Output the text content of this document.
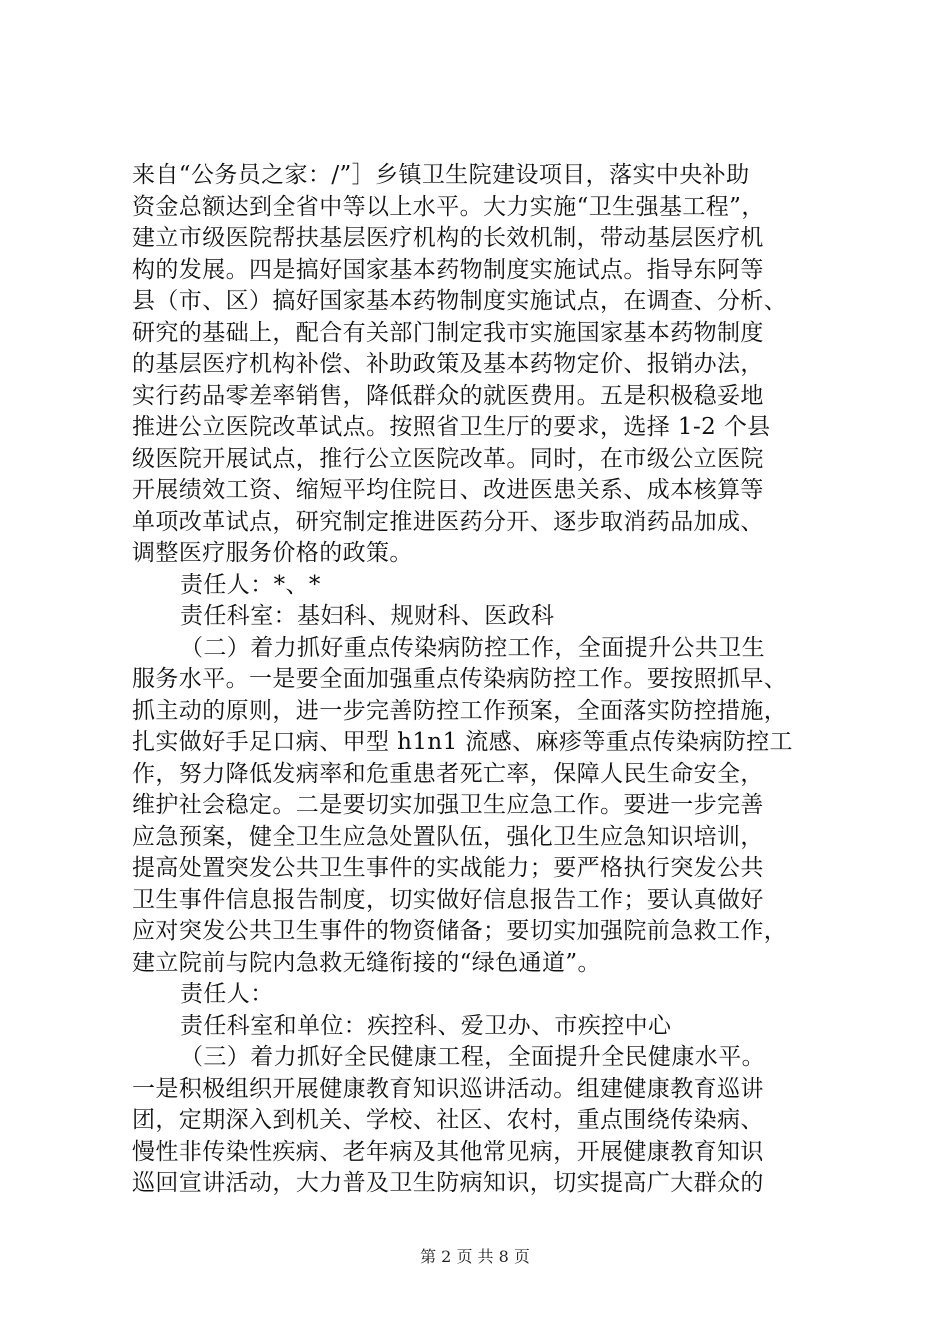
来自“公务员之家：/”］乡镇卫生院建设项目，落实中央补助
资金总额达到全省中等以上水平。大力实施“卫生强基工程”，
建立市级医院帮扶基层医疗机构的长效机制，带动基层医疗机
构的发展。四是搞好国家基本药物制度实施试点。指导东阿等
县（市、区）搞好国家基本药物制度实施试点，在调查、分析、
研究的基础上，配合有关部门制定我市实施国家基本药物制度
的基层医疗机构补偿、补助政策及基本药物定价、报销办法，
实行药品零差率销售，降低群众的就医费用。五是积极稳妥地
推进公立医院改革试点。按照省卫生厅的要求，选择 1-2 个县
级医院开展试点，推行公立医院改革。同时，在市级公立医院
开展绩效工资、缩短平均住院日、改进医患关系、成本核算等
单项改革试点，研究制定推进医药分开、逐步取消药品加成、
调整医疗服务价格的政策。
责任人：*、*
责任科室：基妇科、规财科、医政科
（二）着力抓好重点传染病防控工作，全面提升公共卫生
服务水平。一是要全面加强重点传染病防控工作。要按照抓早、
抓主动的原则，进一步完善防控工作预案，全面落实防控措施，
扎实做好手足口病、甲型 h1n1 流感、麻疹等重点传染病防控工
作，努力降低发病率和危重患者死亡率，保障人民生命安全，
维护社会稳定。二是要切实加强卫生应急工作。要进一步完善
应急预案，健全卫生应急处置队伍，强化卫生应急知识培训，
提高处置突发公共卫生事件的实战能力；要严格执行突发公共
卫生事件信息报告制度，切实做好信息报告工作；要认真做好
应对突发公共卫生事件的物资储备；要切实加强院前急救工作，
建立院前与院内急救无缝衔接的“绿色通道”。
责任人：
责任科室和单位：疾控科、爱卫办、市疾控中心
（三）着力抓好全民健康工程，全面提升全民健康水平。
一是积极组织开展健康教育知识巡讲活动。组建健康教育巡讲
团，定期深入到机关、学校、社区、农村，重点围绕传染病、
慢性非传染性疾病、老年病及其他常见病，开展健康教育知识
巡回宣讲活动，大力普及卫生防病知识，切实提高广大群众的
第 2 页 共 8 页
